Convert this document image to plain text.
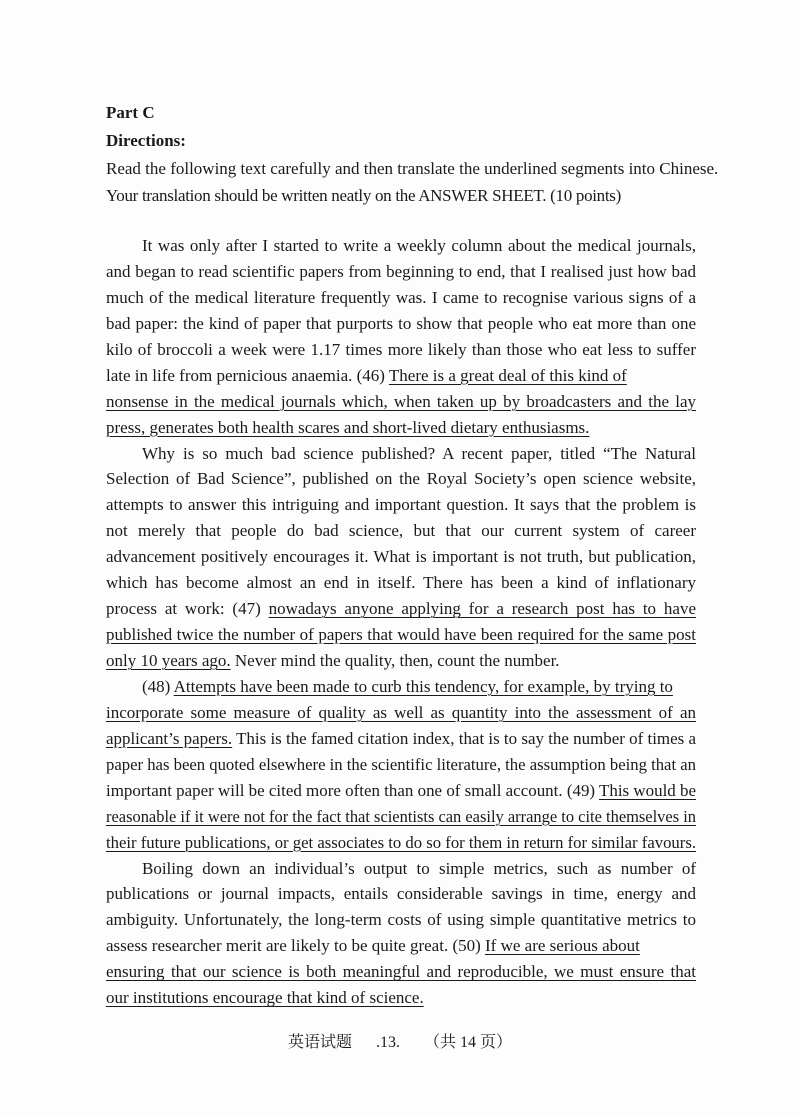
Part C
Directions:
Read the following text carefully and then translate the underlined segments into Chinese.
Your translation should be written neatly on the ANSWER SHEET. (10 points)
It was only after I started to write a weekly column about the medical journals,
and began to read scientific papers from beginning to end, that I realised just how bad
much of the medical literature frequently was. I came to recognise various signs of a
bad paper: the kind of paper that purports to show that people who eat more than one
kilo of broccoli a week were 1.17 times more likely than those who eat less to suffer
late in life from pernicious anaemia. (46) There is a great deal of this kind of
nonsense in the medical journals which, when taken up by broadcasters and the lay
press, generates both health scares and short-lived dietary enthusiasms.
Why is so much bad science published? A recent paper, titled “The Natural
Selection of Bad Science”, published on the Royal Society’s open science website,
attempts to answer this intriguing and important question. It says that the problem is
not merely that people do bad science, but that our current system of career
advancement positively encourages it. What is important is not truth, but publication,
which has become almost an end in itself. There has been a kind of inflationary
process at work: (47) nowadays anyone applying for a research post has to have
published twice the number of papers that would have been required for the same post
only 10 years ago. Never mind the quality, then, count the number.
(48) Attempts have been made to curb this tendency, for example, by trying to
incorporate some measure of quality as well as quantity into the assessment of an
applicant’s papers. This is the famed citation index, that is to say the number of times a
paper has been quoted elsewhere in the scientific literature, the assumption being that an
important paper will be cited more often than one of small account. (49) This would be
reasonable if it were not for the fact that scientists can easily arrange to cite themselves in
their future publications, or get associates to do so for them in return for similar favours.
Boiling down an individual’s output to simple metrics, such as number of
publications or journal impacts, entails considerable savings in time, energy and
ambiguity. Unfortunately, the long-term costs of using simple quantitative metrics to
assess researcher merit are likely to be quite great. (50) If we are serious about
ensuring that our science is both meaningful and reproducible, we must ensure that
our institutions encourage that kind of science.
英语试题 .13. （共 14 页）
